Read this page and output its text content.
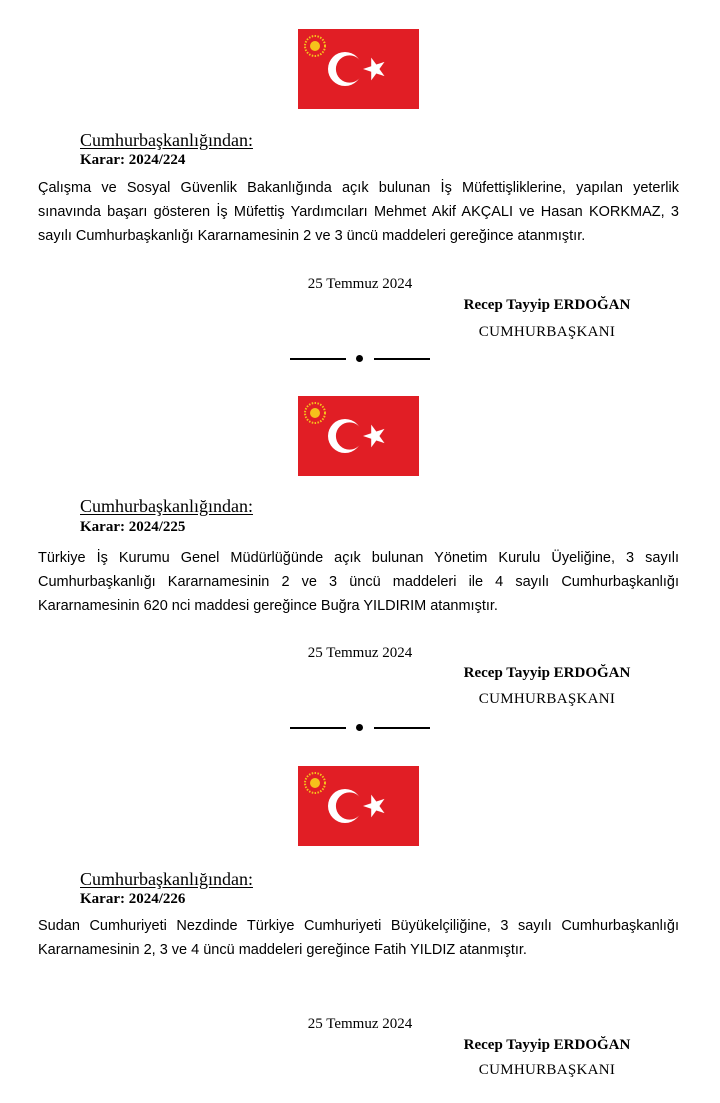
Cumhurbaşkanlığından:
Karar: 2024/224
Çalışma ve Sosyal Güvenlik Bakanlığında açık bulunan İş Müfettişliklerine, yapılan yeterlik sınavında başarı gösteren İş Müfettiş Yardımcıları Mehmet Akif AKÇALI ve Hasan KORKMAZ, 3 sayılı Cumhurbaşkanlığı Kararnamesinin 2 ve 3 üncü maddeleri gereğince atanmıştır.
25 Temmuz 2024
Recep Tayyip ERDOĞAN
CUMHURBAŞKANI
Cumhurbaşkanlığından:
Karar: 2024/225
Türkiye İş Kurumu Genel Müdürlüğünde açık bulunan Yönetim Kurulu Üyeliğine, 3 sayılı Cumhurbaşkanlığı Kararnamesinin 2 ve 3 üncü maddeleri ile 4 sayılı Cumhurbaşkanlığı Kararnamesinin 620 nci maddesi gereğince Buğra YILDIRIM atanmıştır.
25 Temmuz 2024
Recep Tayyip ERDOĞAN
CUMHURBAŞKANI
Cumhurbaşkanlığından:
Karar: 2024/226
Sudan Cumhuriyeti Nezdinde Türkiye Cumhuriyeti Büyükelçiliğine, 3 sayılı Cumhurbaşkanlığı Kararnamesinin 2, 3 ve 4 üncü maddeleri gereğince Fatih YILDIZ atanmıştır.
25 Temmuz 2024
Recep Tayyip ERDOĞAN
CUMHURBAŞKANI
